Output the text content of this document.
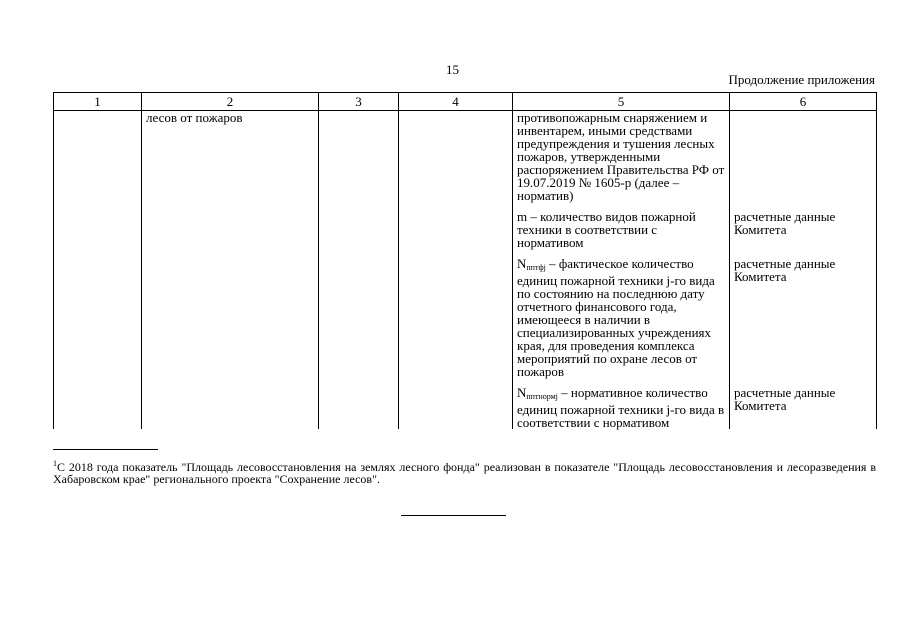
15
Продолжение приложения
1	2	3	4	5	6
	лесов от пожаров			противопожарным снаряжением и инвентарем, иными средствами предупреждения и тушения лесных пожаров, утвержденными распоряжением Правительства РФ от 19.07.2019 № 1605-р (далее – норматив)	

				m – количество видов пожарной техники в соответствии с нормативом	расчетные данные Комитета

				$N_{пптфj}$ – фактическое количество единиц пожарной техники j-го вида по состоянию на последнюю дату отчетного финансового года, имеющееся в наличии в специализированных учреждениях края, для проведения комплекса мероприятий по охране лесов от пожаров	расчетные данные Комитета

				$N_{пптнормj}$ – нормативное количество единиц пожарной техники j-го вида в соответствии с нормативом	расчетные данные Комитета
$^1$С 2018 года показатель "Площадь лесовосстановления на землях лесного фонда" реализован в показателе "Площадь лесовосстановления и лесоразведения в Хабаровском крае" регионального проекта "Сохранение лесов".
